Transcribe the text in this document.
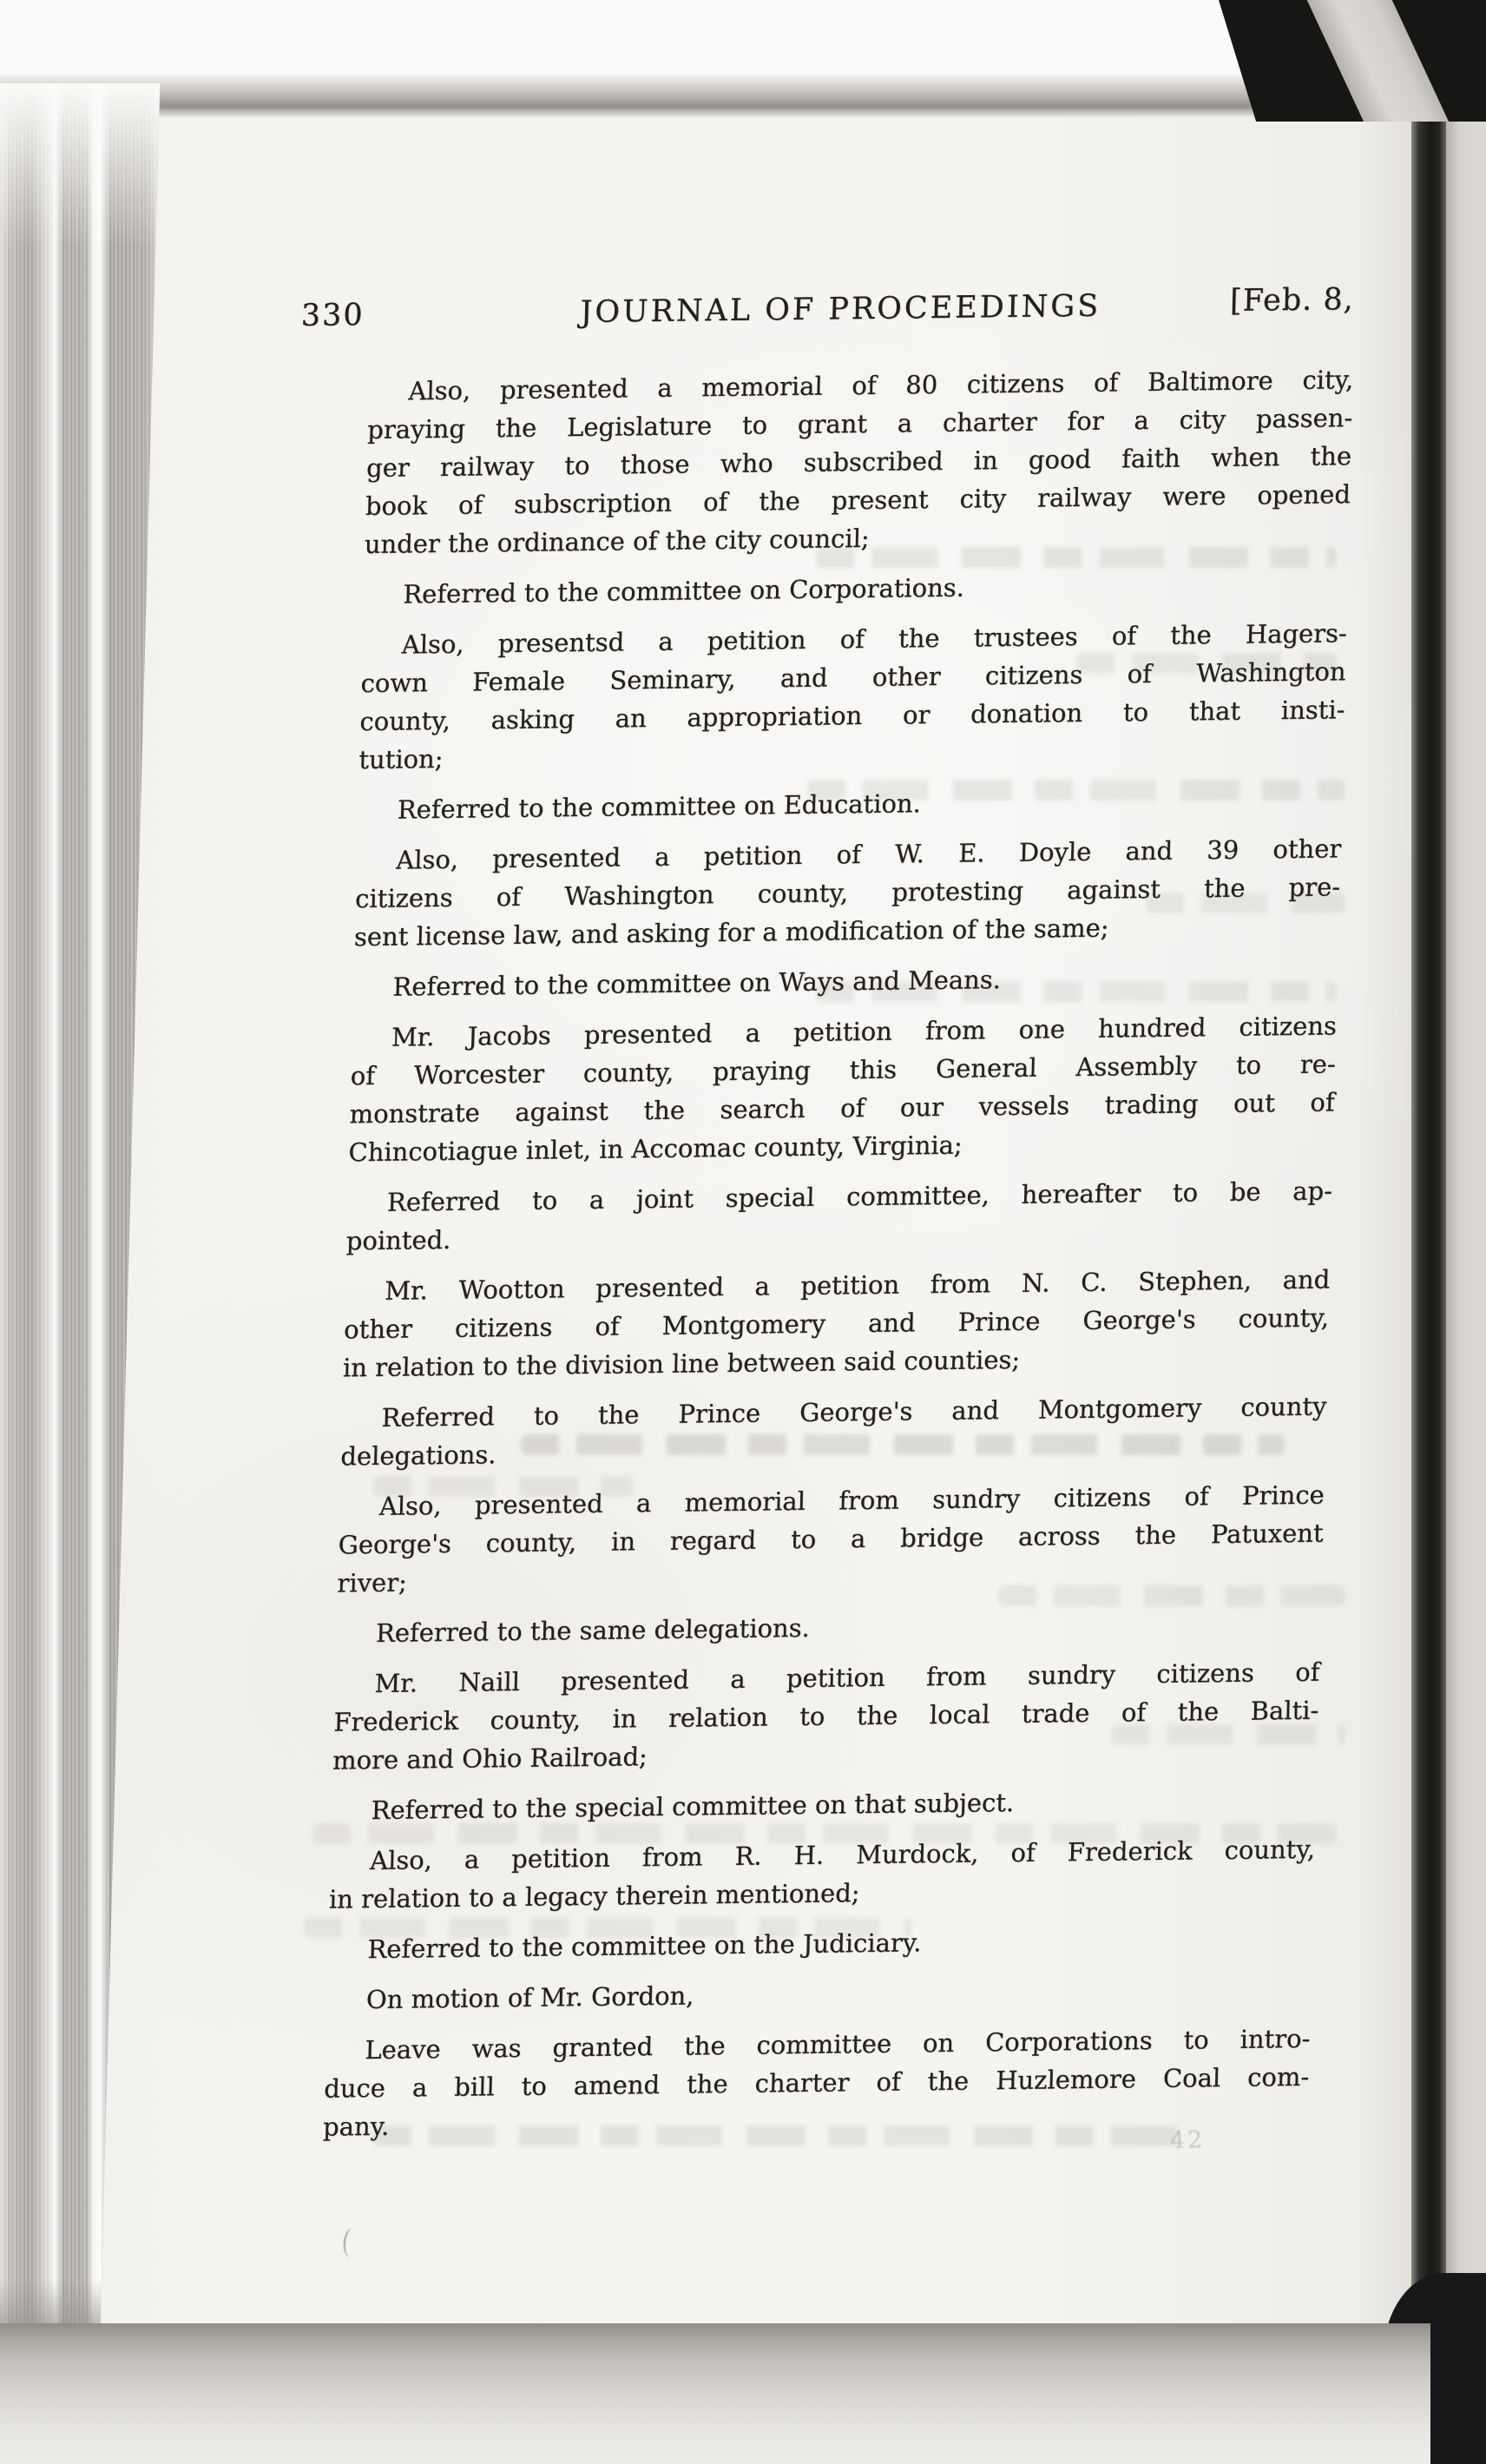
42
330	JOURNAL OF PROCEEDINGS	[Feb. 8,
Also, presented a memorial of 80 citizens of Baltimore city,
praying the Legislature to grant a charter for a city passen-
ger railway to those who subscribed in good faith when the
book of subscription of the present city railway were opened
under the ordinance of the city council;
Referred to the committee on Corporations.
Also, presentsd a petition of the trustees of the Hagers-
cown Female Seminary, and other citizens of Washington
county, asking an appropriation or donation to that insti-
tution;
Referred to the committee on Education.
Also, presented a petition of W. E. Doyle and 39 other
citizens of Washington county, protesting against the pre-
sent license law, and asking for a modification of the same;
Referred to the committee on Ways and Means.
Mr. Jacobs presented a petition from one hundred citizens
of Worcester county, praying this General Assembly to re-
monstrate against the search of our vessels trading out of
Chincotiague inlet, in Accomac county, Virginia;
Referred to a joint special committee, hereafter to be ap-
pointed.
Mr. Wootton presented a petition from N. C. Stephen, and
other citizens of Montgomery and Prince George's county,
in relation to the division line between said counties;
Referred to the Prince George's and Montgomery county
delegations.
Also, presented a memorial from sundry citizens of Prince
George's county, in regard to a bridge across the Patuxent
river;
Referred to the same delegations.
Mr. Naill presented a petition from sundry citizens of
Frederick county, in relation to the local trade of the Balti-
more and Ohio Railroad;
Referred to the special committee on that subject.
Also, a petition from R. H. Murdock, of Frederick county,
in relation to a legacy therein mentioned;
Referred to the committee on the Judiciary.
On motion of Mr. Gordon,
Leave was granted the committee on Corporations to intro-
duce a bill to amend the charter of the Huzlemore Coal com-
pany.
